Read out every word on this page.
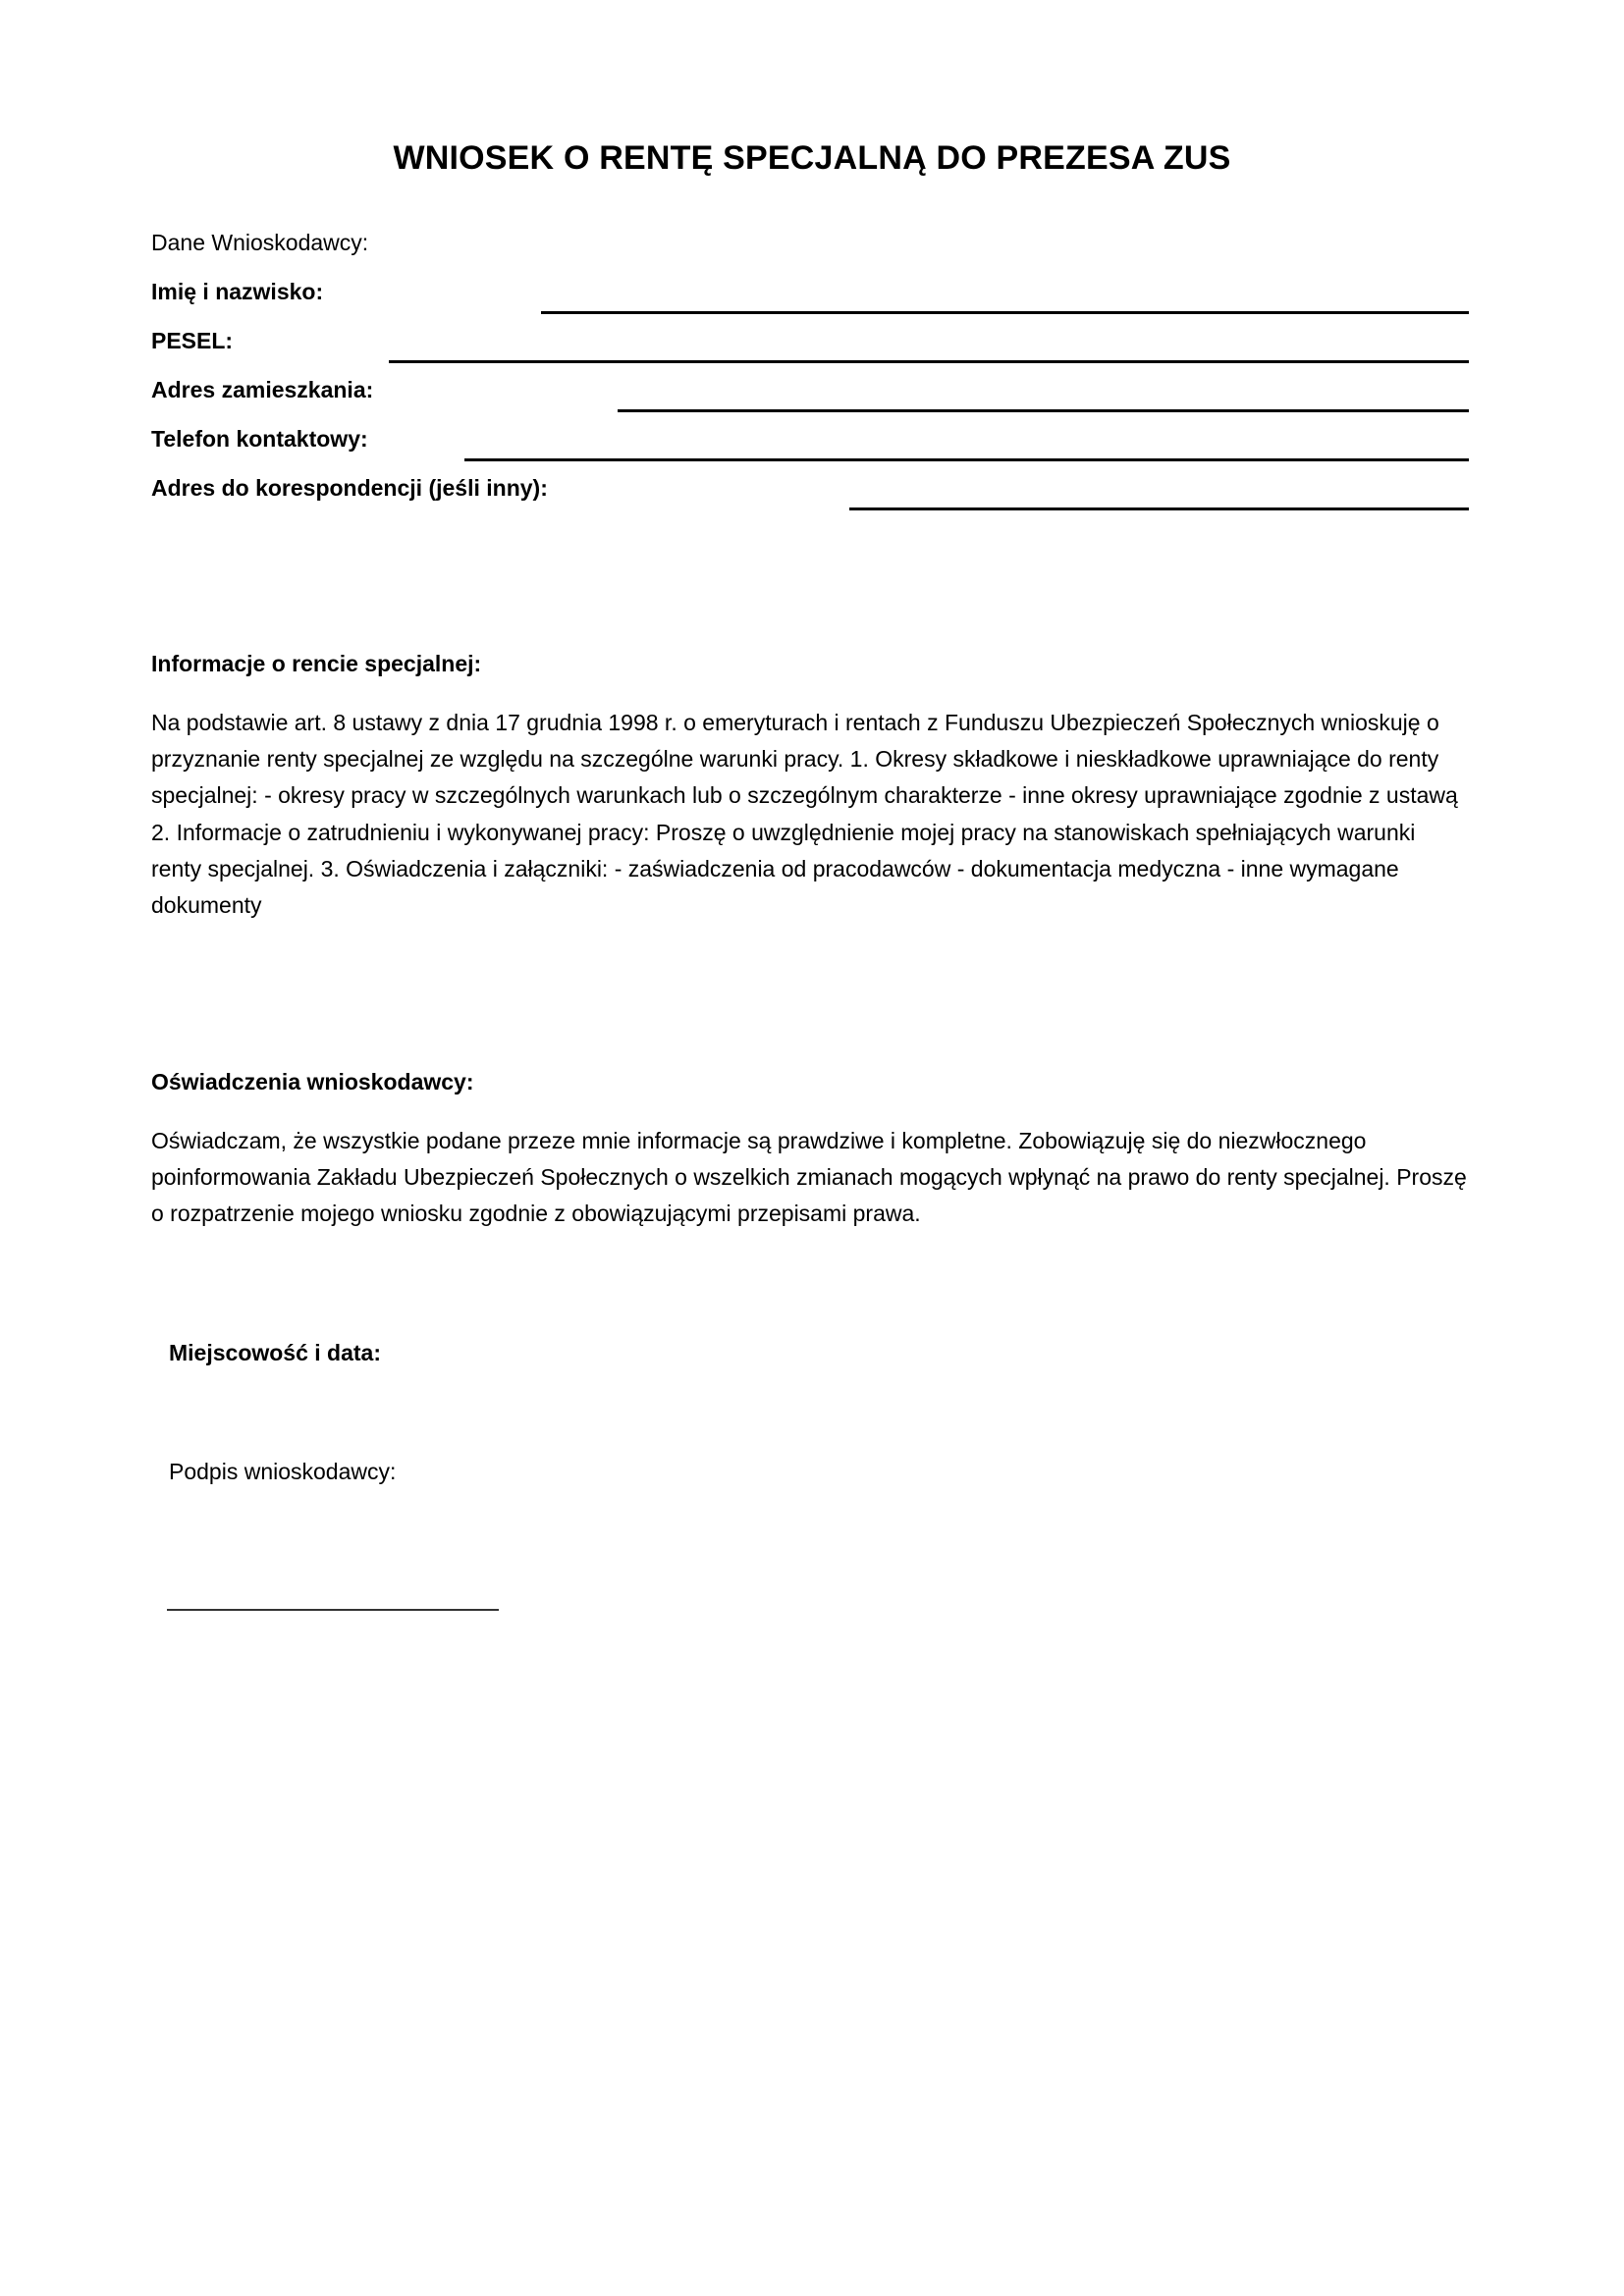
WNIOSEK O RENTĘ SPECJALNĄ DO PREZESA ZUS

Dane Wnioskodawcy:

Imię i nazwisko:
PESEL:
Adres zamieszkania:
Telefon kontaktowy:
Adres do korespondencji (jeśli inny):

Informacje o rencie specjalnej:

Na podstawie art. 8 ustawy z dnia 17 grudnia 1998 r. o emeryturach i rentach z Funduszu Ubezpieczeń Społecznych wnioskuję o przyznanie renty specjalnej ze względu na szczególne warunki pracy. 1. Okresy składkowe i nieskładkowe uprawniające do renty specjalnej: - okresy pracy w szczególnych warunkach lub o szczególnym charakterze - inne okresy uprawniające zgodnie z ustawą 2. Informacje o zatrudnieniu i wykonywanej pracy: Proszę o uwzględnienie mojej pracy na stanowiskach spełniających warunki renty specjalnej. 3. Oświadczenia i załączniki: - zaświadczenia od pracodawców - dokumentacja medyczna - inne wymagane dokumenty

Oświadczenia wnioskodawcy:

Oświadczam, że wszystkie podane przeze mnie informacje są prawdziwe i kompletne. Zobowiązuję się do niezwłocznego poinformowania Zakładu Ubezpieczeń Społecznych o wszelkich zmianach mogących wpłynąć na prawo do renty specjalnej. Proszę o rozpatrzenie mojego wniosku zgodnie z obowiązującymi przepisami prawa.

Miejscowość i data:

Podpis wnioskodawcy:
